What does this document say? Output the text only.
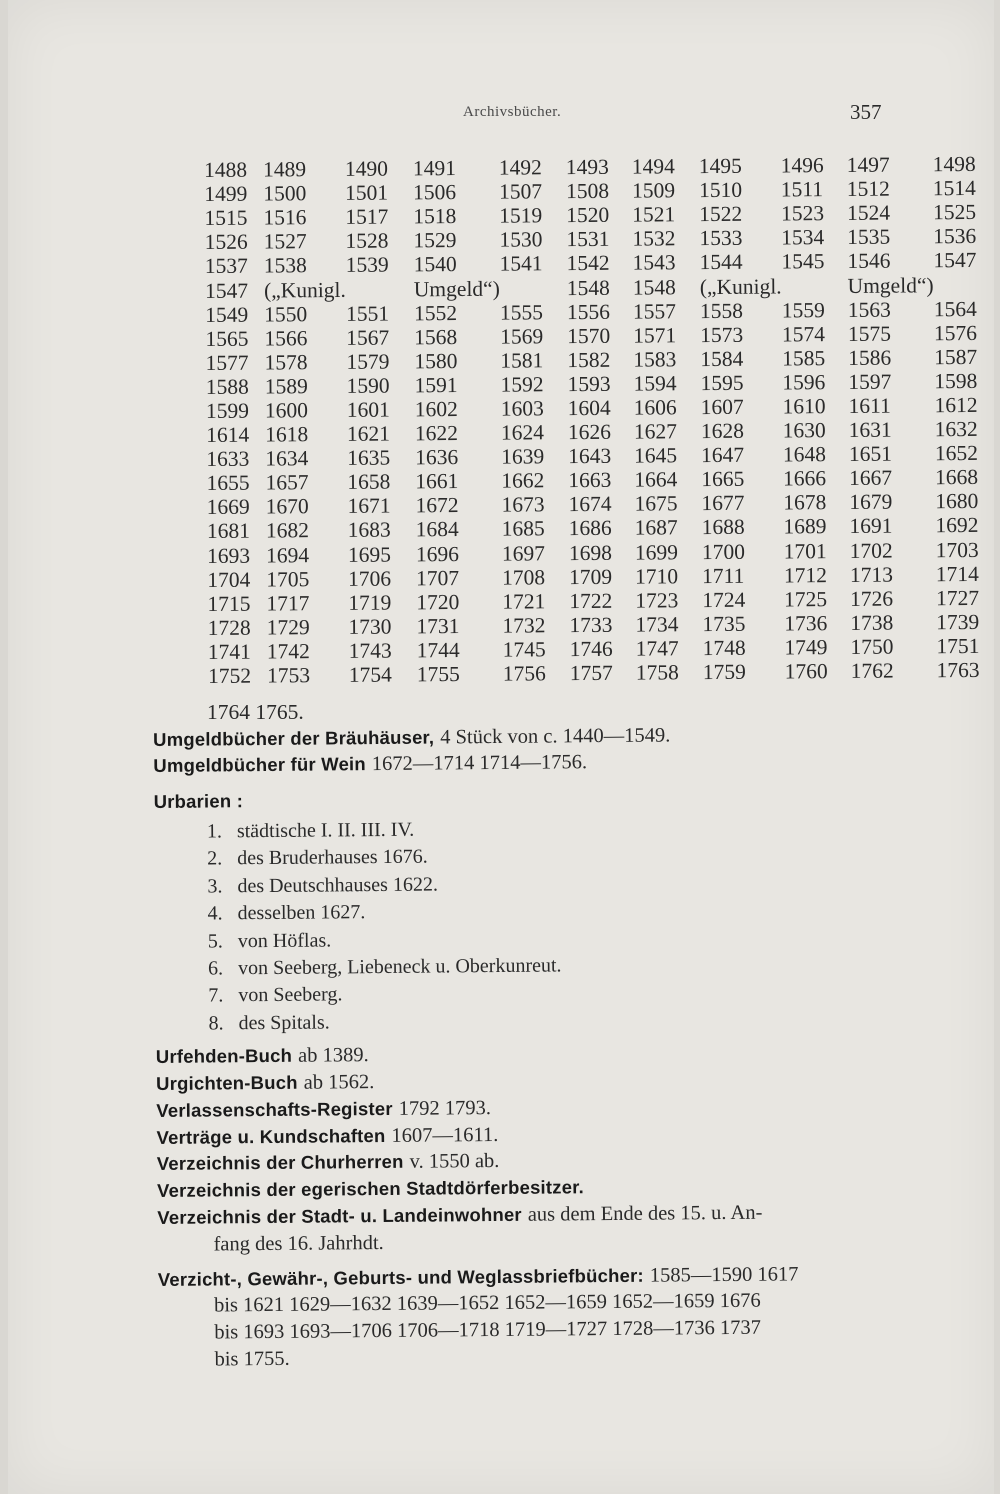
Archivsbücher.	357
1488	1489	1490	1491	1492	1493	1494	1495	1496	1497	1498
1499	1500	1501	1506	1507	1508	1509	1510	1511	1512	1514
1515	1516	1517	1518	1519	1520	1521	1522	1523	1524	1525
1526	1527	1528	1529	1530	1531	1532	1533	1534	1535	1536
1537	1538	1539	1540	1541	1542	1543	1544	1545	1546	1547
1547	(„Kunigl.		Umgeld“)		1548	1548	(„Kunigl.		Umgeld“)	
1549	1550	1551	1552	1555	1556	1557	1558	1559	1563	1564
1565	1566	1567	1568	1569	1570	1571	1573	1574	1575	1576
1577	1578	1579	1580	1581	1582	1583	1584	1585	1586	1587
1588	1589	1590	1591	1592	1593	1594	1595	1596	1597	1598
1599	1600	1601	1602	1603	1604	1606	1607	1610	1611	1612
1614	1618	1621	1622	1624	1626	1627	1628	1630	1631	1632
1633	1634	1635	1636	1639	1643	1645	1647	1648	1651	1652
1655	1657	1658	1661	1662	1663	1664	1665	1666	1667	1668
1669	1670	1671	1672	1673	1674	1675	1677	1678	1679	1680
1681	1682	1683	1684	1685	1686	1687	1688	1689	1691	1692
1693	1694	1695	1696	1697	1698	1699	1700	1701	1702	1703
1704	1705	1706	1707	1708	1709	1710	1711	1712	1713	1714
1715	1717	1719	1720	1721	1722	1723	1724	1725	1726	1727
1728	1729	1730	1731	1732	1733	1734	1735	1736	1738	1739
1741	1742	1743	1744	1745	1746	1747	1748	1749	1750	1751
1752	1753	1754	1755	1756	1757	1758	1759	1760	1762	1763
1764 1765.

Umgeldbücher der Bräuhäuser, 4 Stück von c. 1440—1549.

Umgeldbücher für Wein 1672—1714 1714—1756.

Urbarien :

1. städtische I. II. III. IV.
2. des Bruderhauses 1676.
3. des Deutschhauses 1622.
4. desselben 1627.
5. von Höflas.
6. von Seeberg, Liebeneck u. Oberkunreut.
7. von Seeberg.
8. des Spitals.

Urfehden-Buch ab 1389.

Urgichten-Buch ab 1562.

Verlassenschafts-Register 1792 1793.

Verträge u. Kundschaften 1607—1611.

Verzeichnis der Churherren v. 1550 ab.

Verzeichnis der egerischen Stadtdörferbesitzer.

Verzeichnis der Stadt- u. Landeinwohner aus dem Ende des 15. u. An-

fang des 16. Jahrhdt.

Verzicht-, Gewähr-, Geburts- und Weglassbriefbücher: 1585—1590 1617

bis 1621 1629—1632 1639—1652 1652—1659 1652—1659 1676

bis 1693 1693—1706 1706—1718 1719—1727 1728—1736 1737

bis 1755.
